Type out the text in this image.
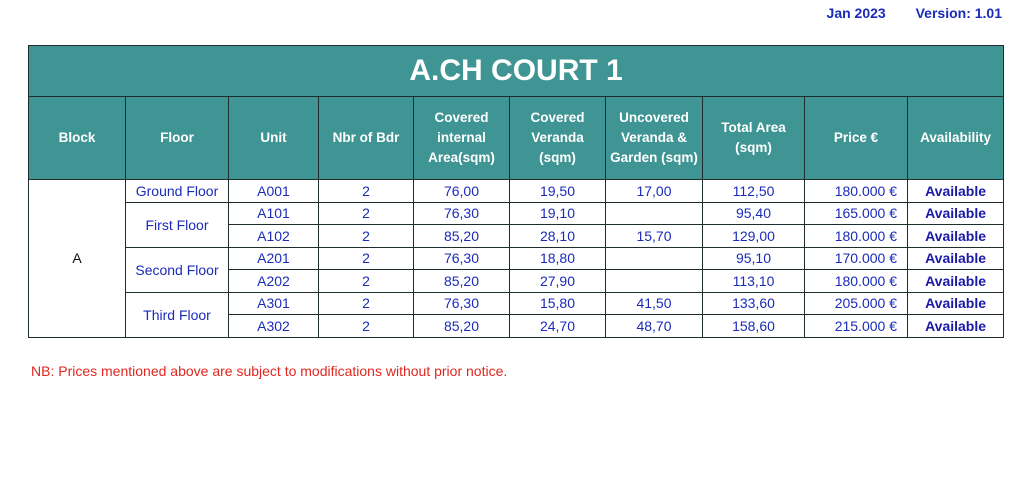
Jan 2023 Version: 1.01
A.CH COURT 1									
Block	Floor	Unit	Nbr of Bdr	Covered
internal
Area(sqm)	Covered
Veranda
(sqm)	Uncovered
Veranda &
Garden (sqm)	Total Area
(sqm)	Price €	Availability
A	Ground Floor	A001	2	76,00	19,50	17,00	112,50	180.000 €	Available
	First Floor	A101	2	76,30	19,10		95,40	165.000 €	Available
		A102	2	85,20	28,10	15,70	129,00	180.000 €	Available
	Second Floor	A201	2	76,30	18,80		95,10	170.000 €	Available
		A202	2	85,20	27,90		113,10	180.000 €	Available
	Third Floor	A301	2	76,30	15,80	41,50	133,60	205.000 €	Available
		A302	2	85,20	24,70	48,70	158,60	215.000 €	Available
NB: Prices mentioned above are subject to modifications without prior notice.
